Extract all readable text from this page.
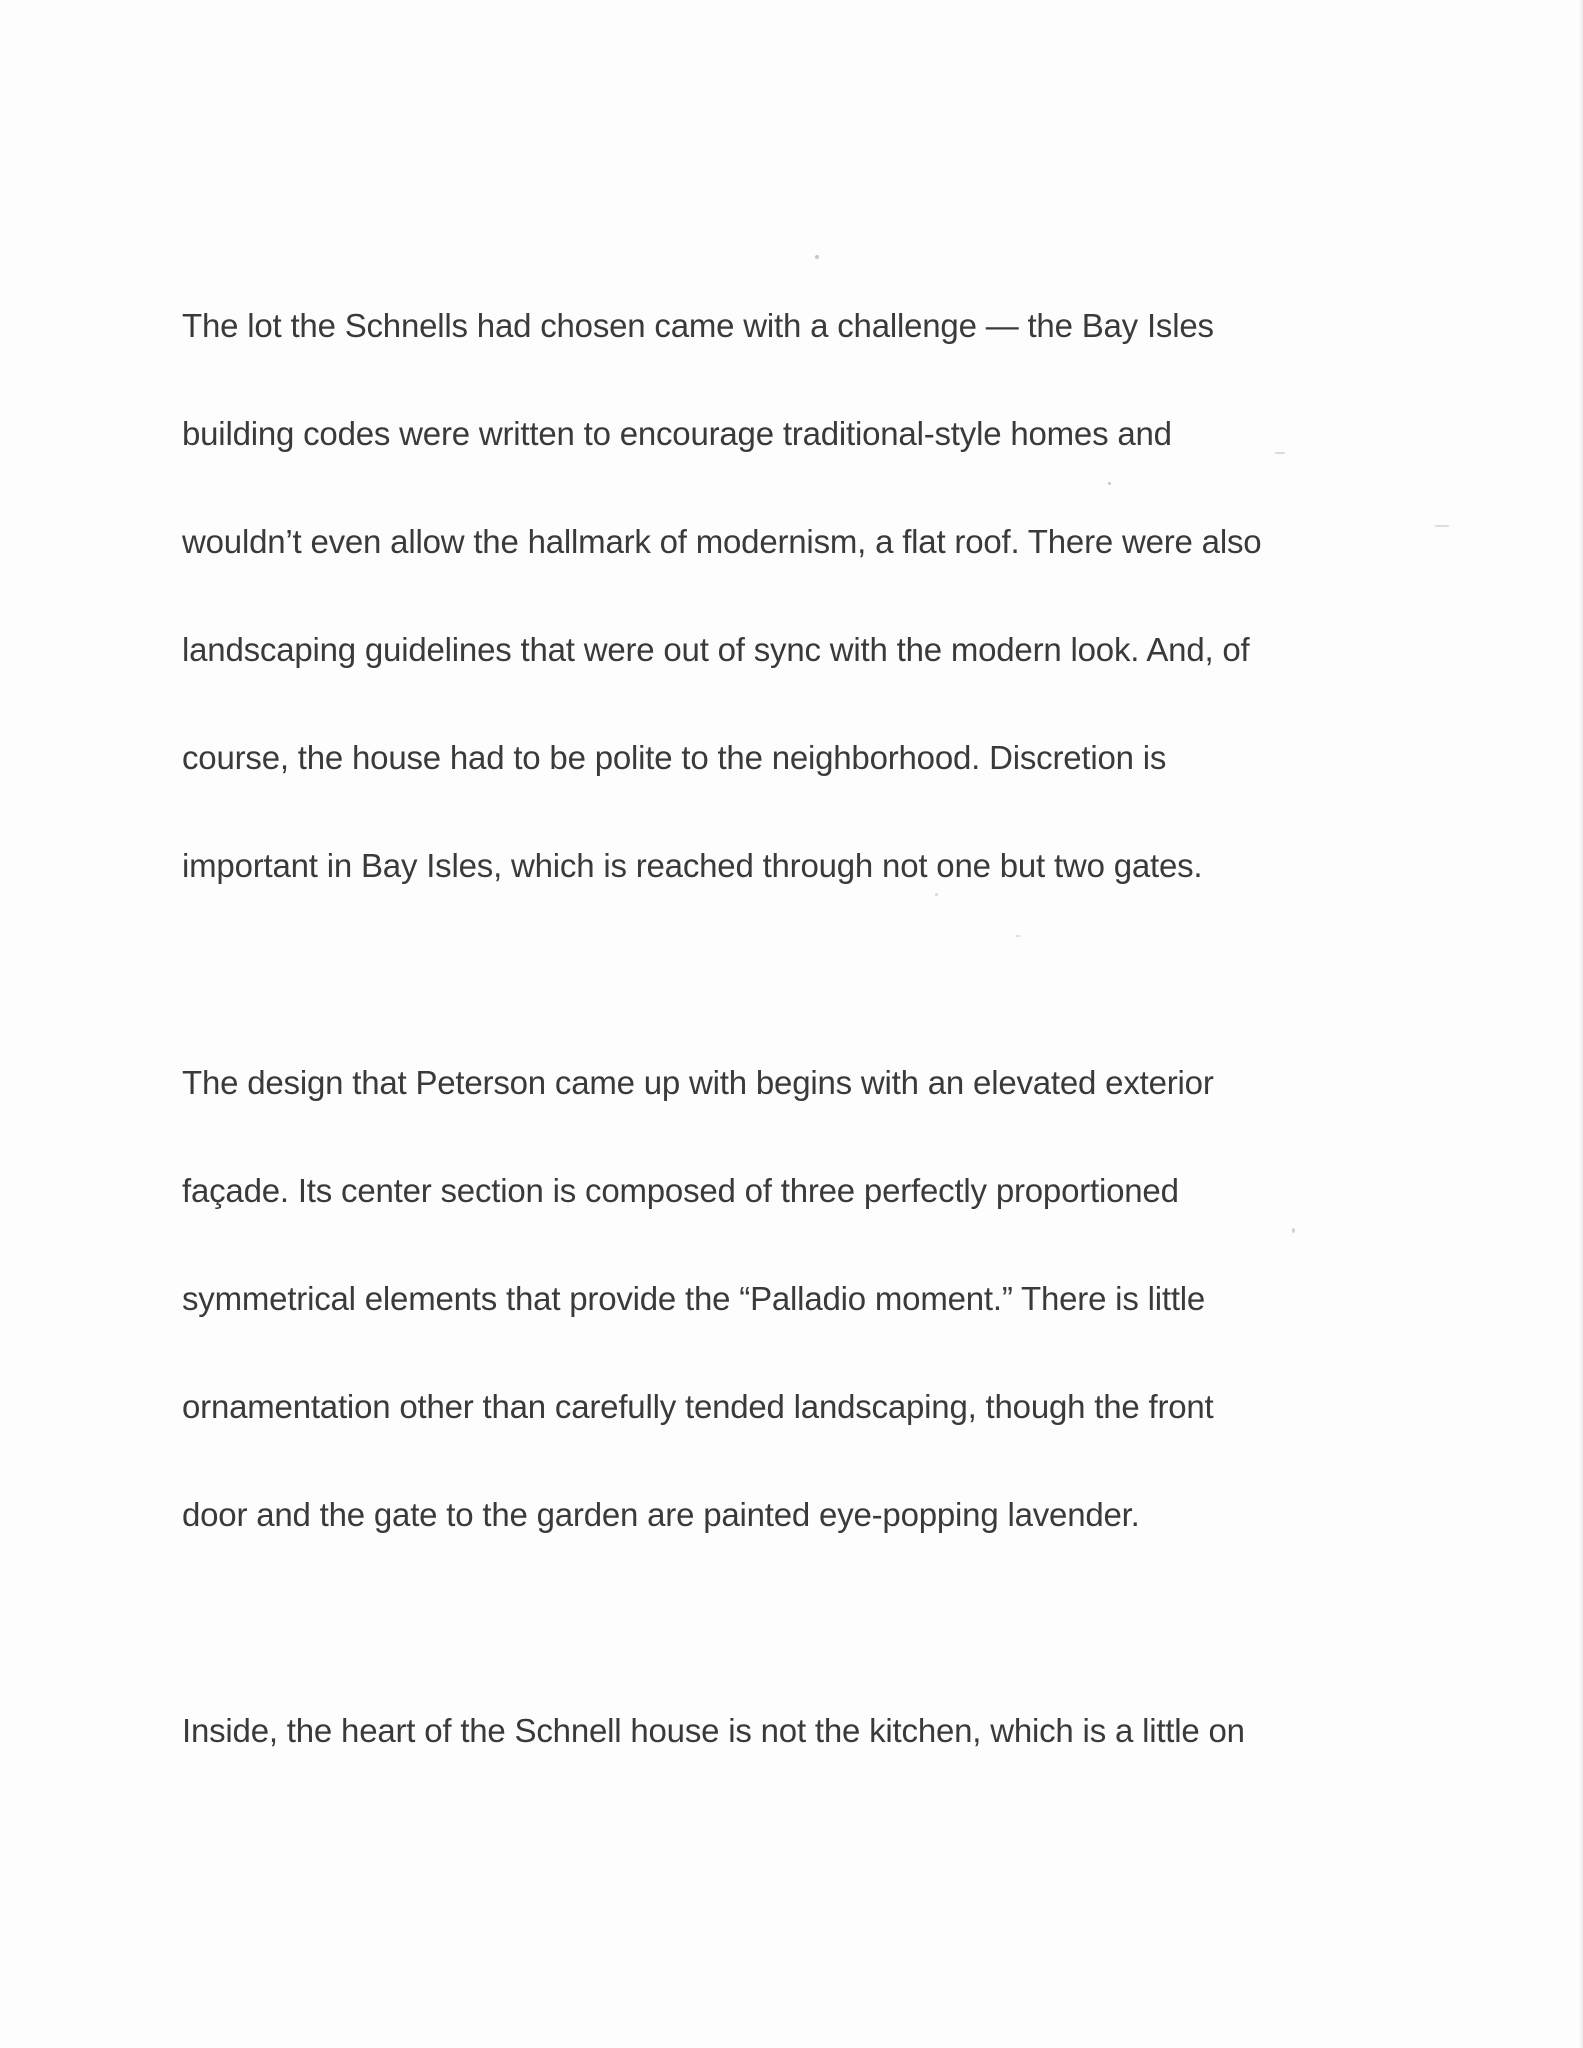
The lot the Schnells had chosen came with a challenge — the Bay Isles
building codes were written to encourage traditional-style homes and
wouldn’t even allow the hallmark of modernism, a flat roof. There were also
landscaping guidelines that were out of sync with the modern look. And, of
course, the house had to be polite to the neighborhood. Discretion is
important in Bay Isles, which is reached through not one but two gates.
The design that Peterson came up with begins with an elevated exterior
façade. Its center section is composed of three perfectly proportioned
symmetrical elements that provide the “Palladio moment.” There is little
ornamentation other than carefully tended landscaping, though the front
door and the gate to the garden are painted eye-popping lavender.
Inside, the heart of the Schnell house is not the kitchen, which is a little on
